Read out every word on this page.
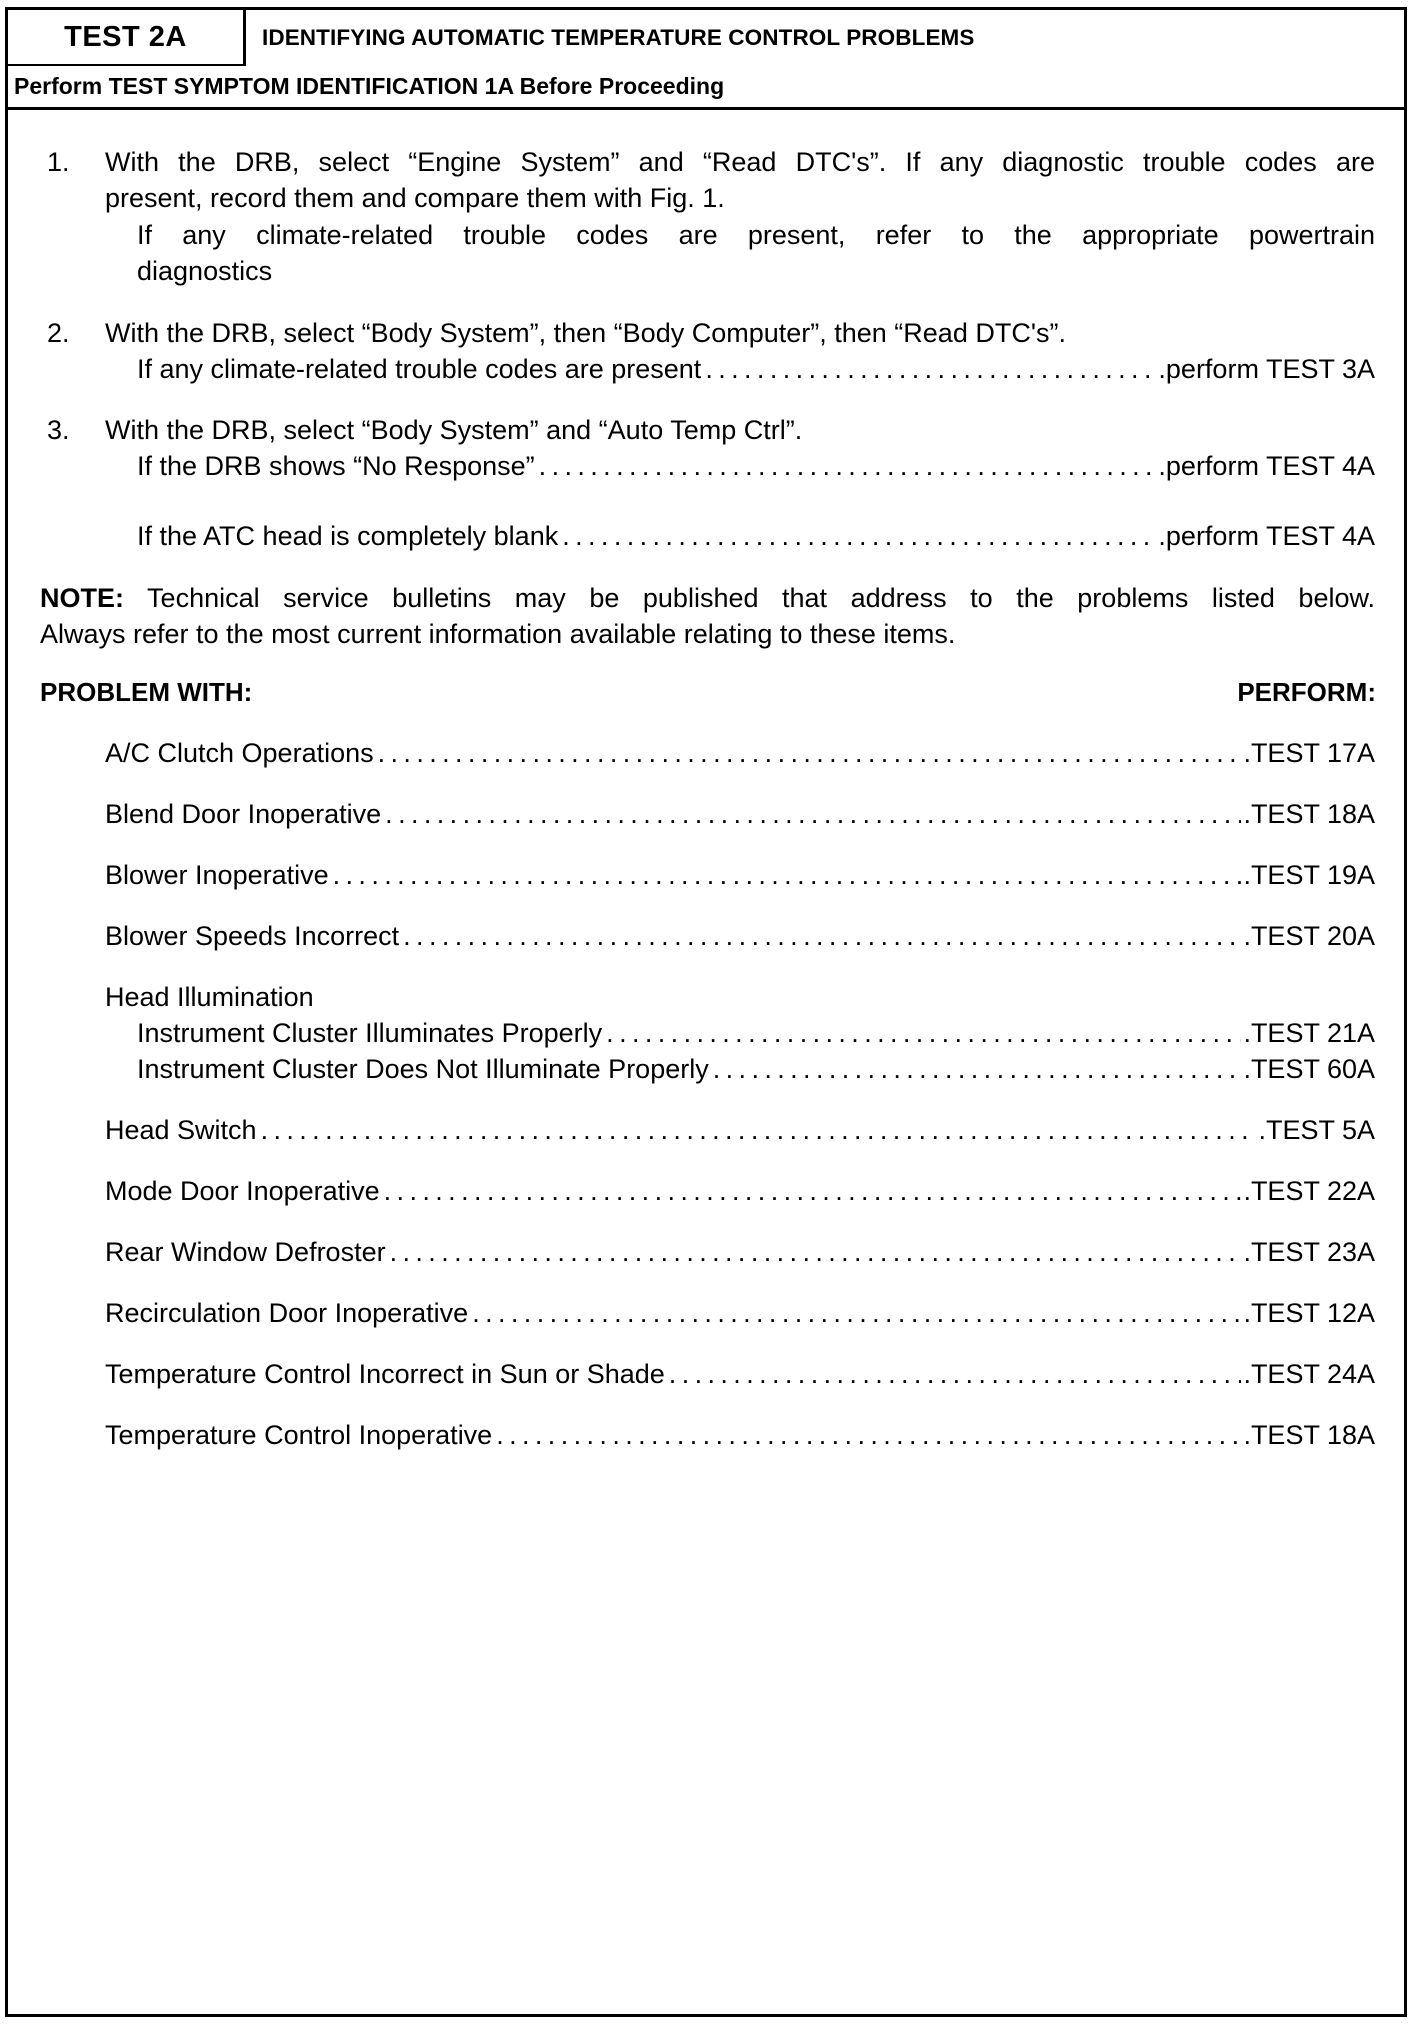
TEST 2A	IDENTIFYING AUTOMATIC TEMPERATURE CONTROL PROBLEMS
Perform TEST SYMPTOM IDENTIFICATION 1A Before Proceeding
1. With the DRB, select “Engine System” and “Read DTC's”. If any diagnostic trouble codes are
present, record them and compare them with Fig. 1.
If any climate-related trouble codes are present, refer to the appropriate powertrain
diagnostics
2. With the DRB, select “Body System”, then “Body Computer”, then “Read DTC's”.
If any climate-related trouble codes are present .....	.perform TEST 3A
3. With the DRB, select “Body System” and “Auto Temp Ctrl”.
If the DRB shows “No Response” .....	.perform TEST 4A
If the ATC head is completely blank .....	.perform TEST 4A
NOTE: Technical service bulletins may be published that address to the problems listed below.
Always refer to the most current information available relating to these items.
PROBLEM WITH:	PERFORM:
A/C Clutch Operations .....	.TEST 17A
Blend Door Inoperative .....	.TEST 18A
Blower Inoperative .....	.TEST 19A
Blower Speeds Incorrect .....	.TEST 20A
Head Illumination
Instrument Cluster Illuminates Properly .....	.TEST 21A
Instrument Cluster Does Not Illuminate Properly .....	.TEST 60A
Head Switch .....	.TEST 5A
Mode Door Inoperative .....	.TEST 22A
Rear Window Defroster .....	.TEST 23A
Recirculation Door Inoperative .....	.TEST 12A
Temperature Control Incorrect in Sun or Shade .....	.TEST 24A
Temperature Control Inoperative .....	.TEST 18A
